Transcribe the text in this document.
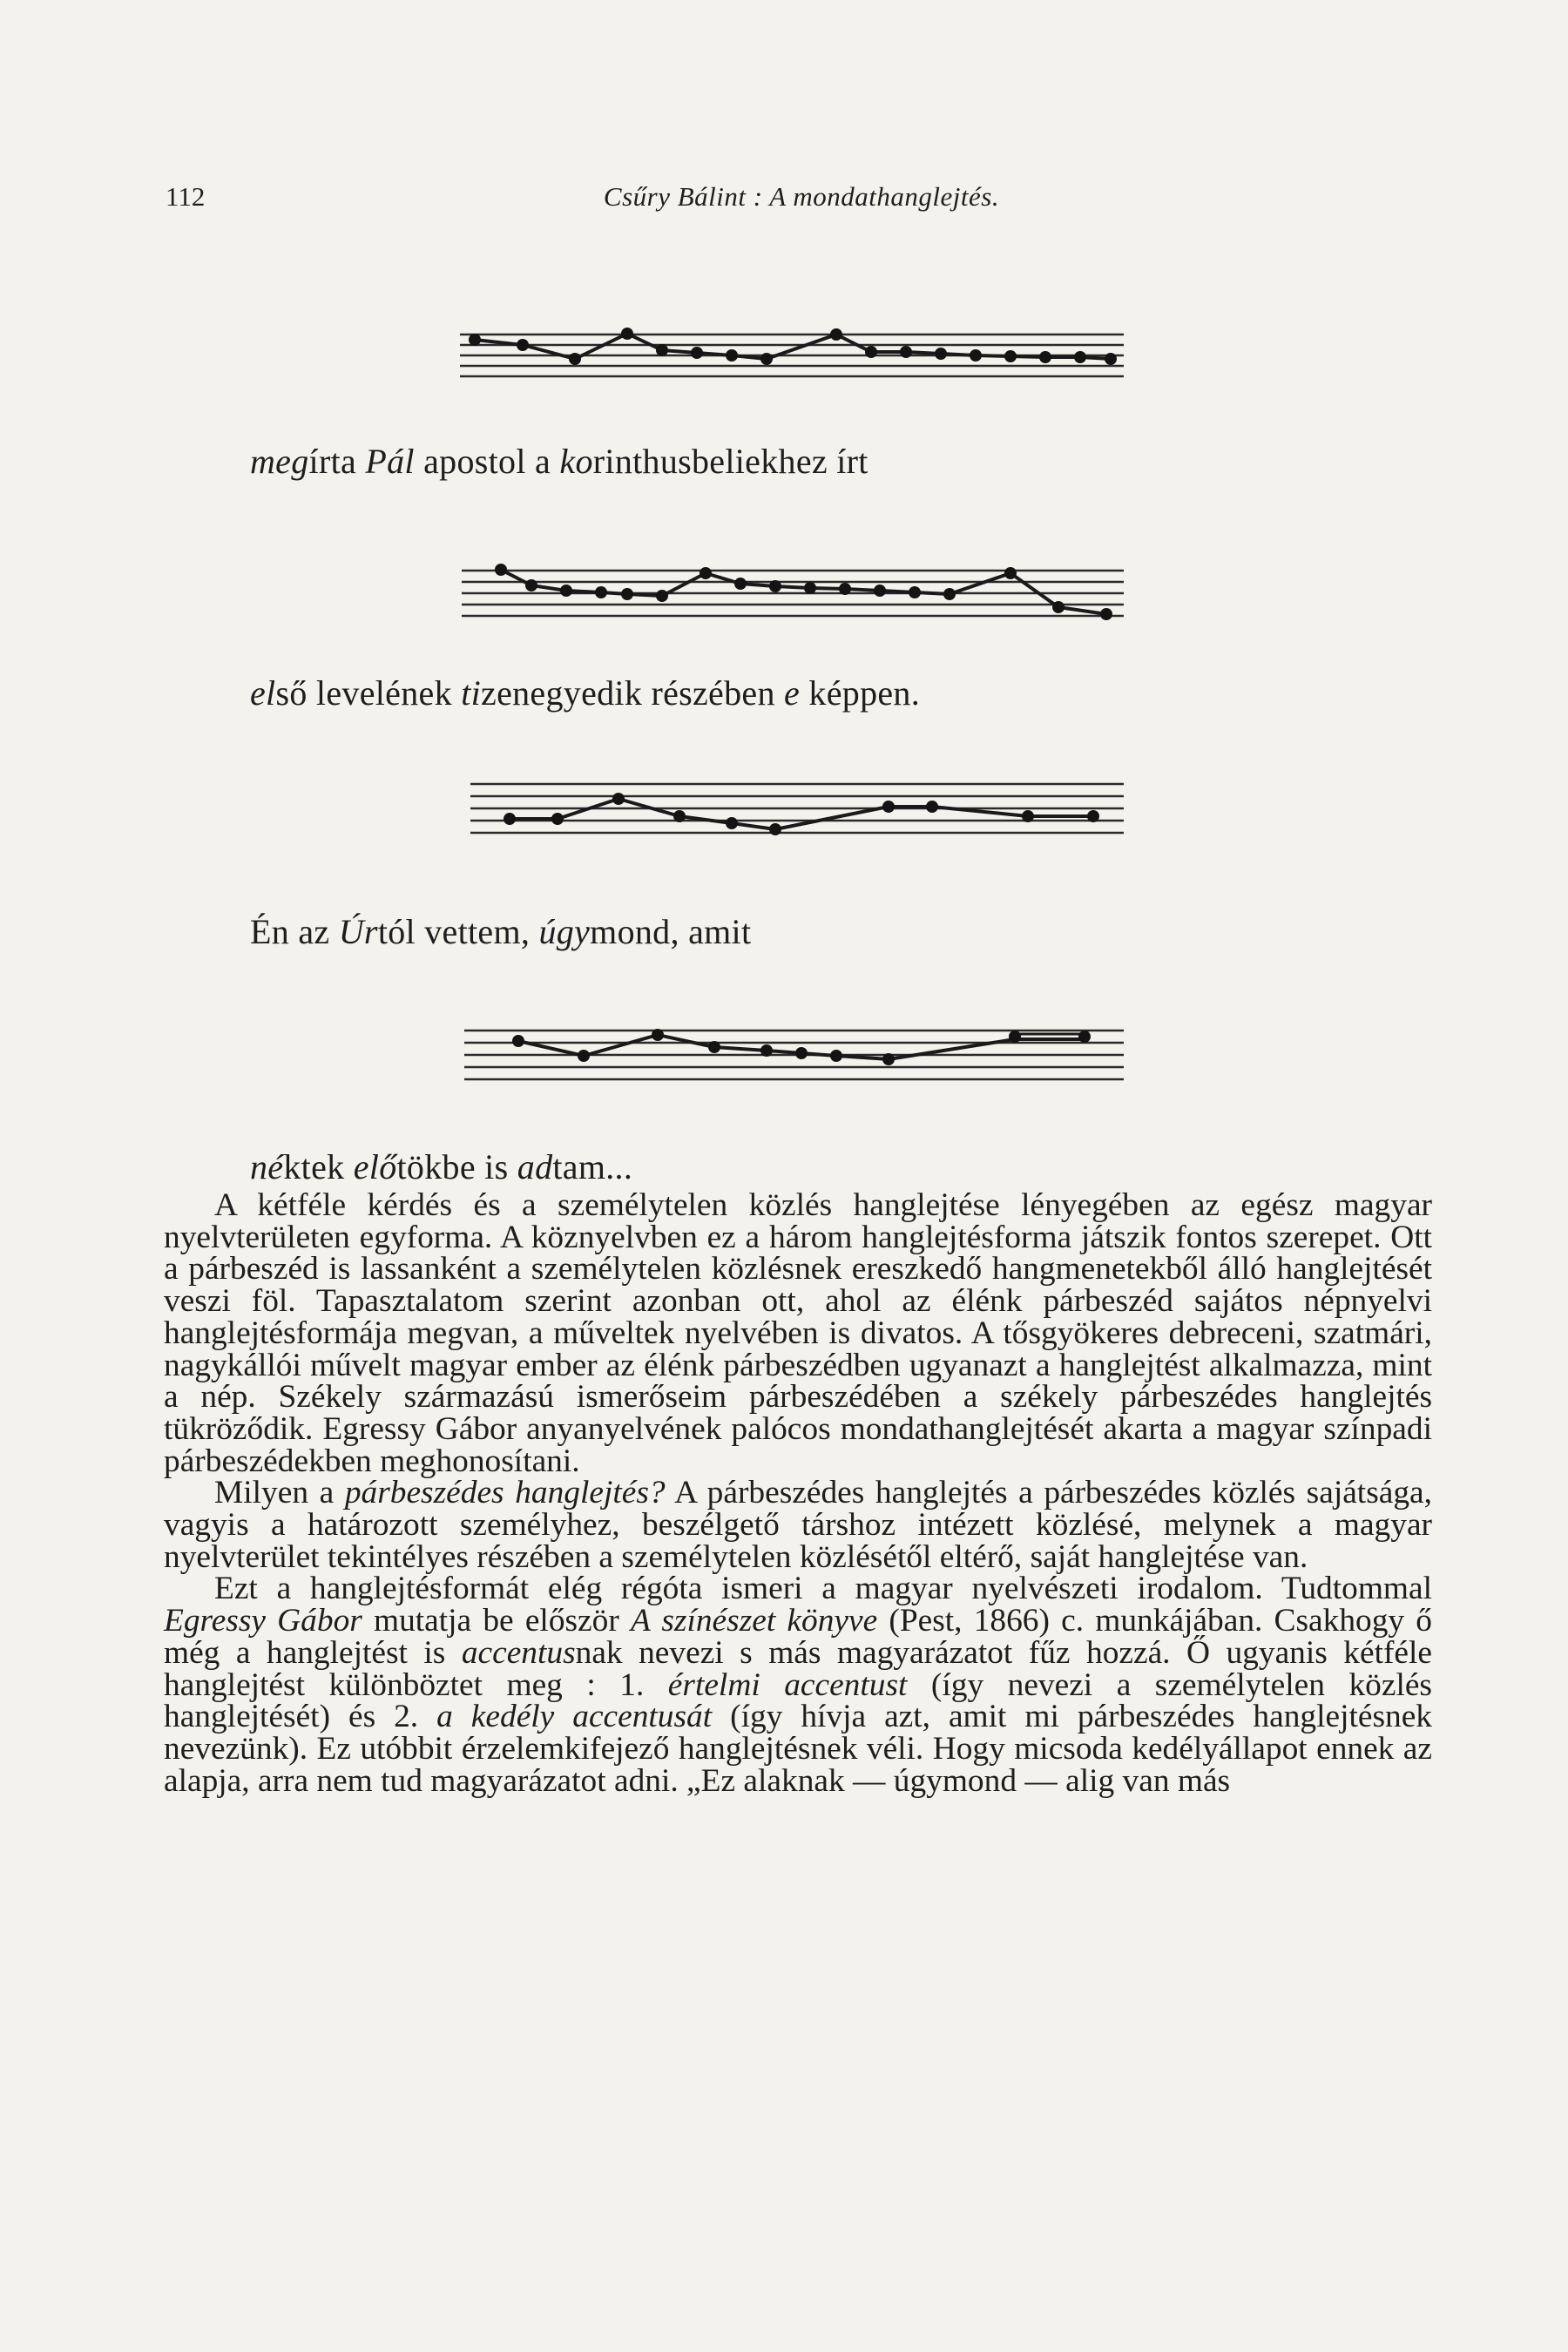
112	Csűry Bálint : A mondathanglejtés.
megírta Pál apostol a korinthusbeliekhez írt
első levelének tizenegyedik részében e képpen.
Én az Úrtól vettem, úgymond, amit
néktek előtökbe is adtam...

A kétféle kérdés és a személytelen közlés hanglejtése lényegében az egész magyar nyelvterületen egyforma. A köznyelvben ez a három hanglejtésforma játszik fontos szerepet. Ott a párbeszéd is lassanként a személytelen közlésnek ereszkedő hangmenetekből álló hanglejtését veszi föl. Tapasztalatom szerint azonban ott, ahol az élénk párbeszéd sajátos népnyelvi hanglejtésformája megvan, a műveltek nyelvében is divatos. A tősgyökeres debreceni, szatmári, nagykállói művelt magyar ember az élénk párbeszédben ugyanazt a hanglejtést alkalmazza, mint a nép. Székely származású ismerőseim párbeszédében a székely párbeszédes hanglejtés tükröződik. Egressy Gábor anyanyelvének palócos mondathanglejtését akarta a magyar színpadi párbeszédekben meghonosítani.

Milyen a párbeszédes hanglejtés? A párbeszédes hanglejtés a párbeszédes közlés sajátsága, vagyis a határozott személyhez, beszélgető társhoz intézett közlésé, melynek a magyar nyelvterület tekintélyes részében a személytelen közlésétől eltérő, saját hanglejtése van.

Ezt a hanglejtésformát elég régóta ismeri a magyar nyelvészeti irodalom. Tudtommal Egressy Gábor mutatja be először A színészet könyve (Pest, 1866) c. munkájában. Csakhogy ő még a hanglejtést is accentusnak nevezi s más magyarázatot fűz hozzá. Ő ugyanis kétféle hanglejtést különböztet meg : 1. értelmi accentust (így nevezi a személytelen közlés hanglejtését) és 2. a kedély accentusát (így hívja azt, amit mi párbeszédes hanglejtésnek nevezünk). Ez utóbbit érzelemkifejező hanglejtésnek véli. Hogy micsoda kedélyállapot ennek az alapja, arra nem tud magyarázatot adni. „Ez alaknak — úgymond — alig van más
